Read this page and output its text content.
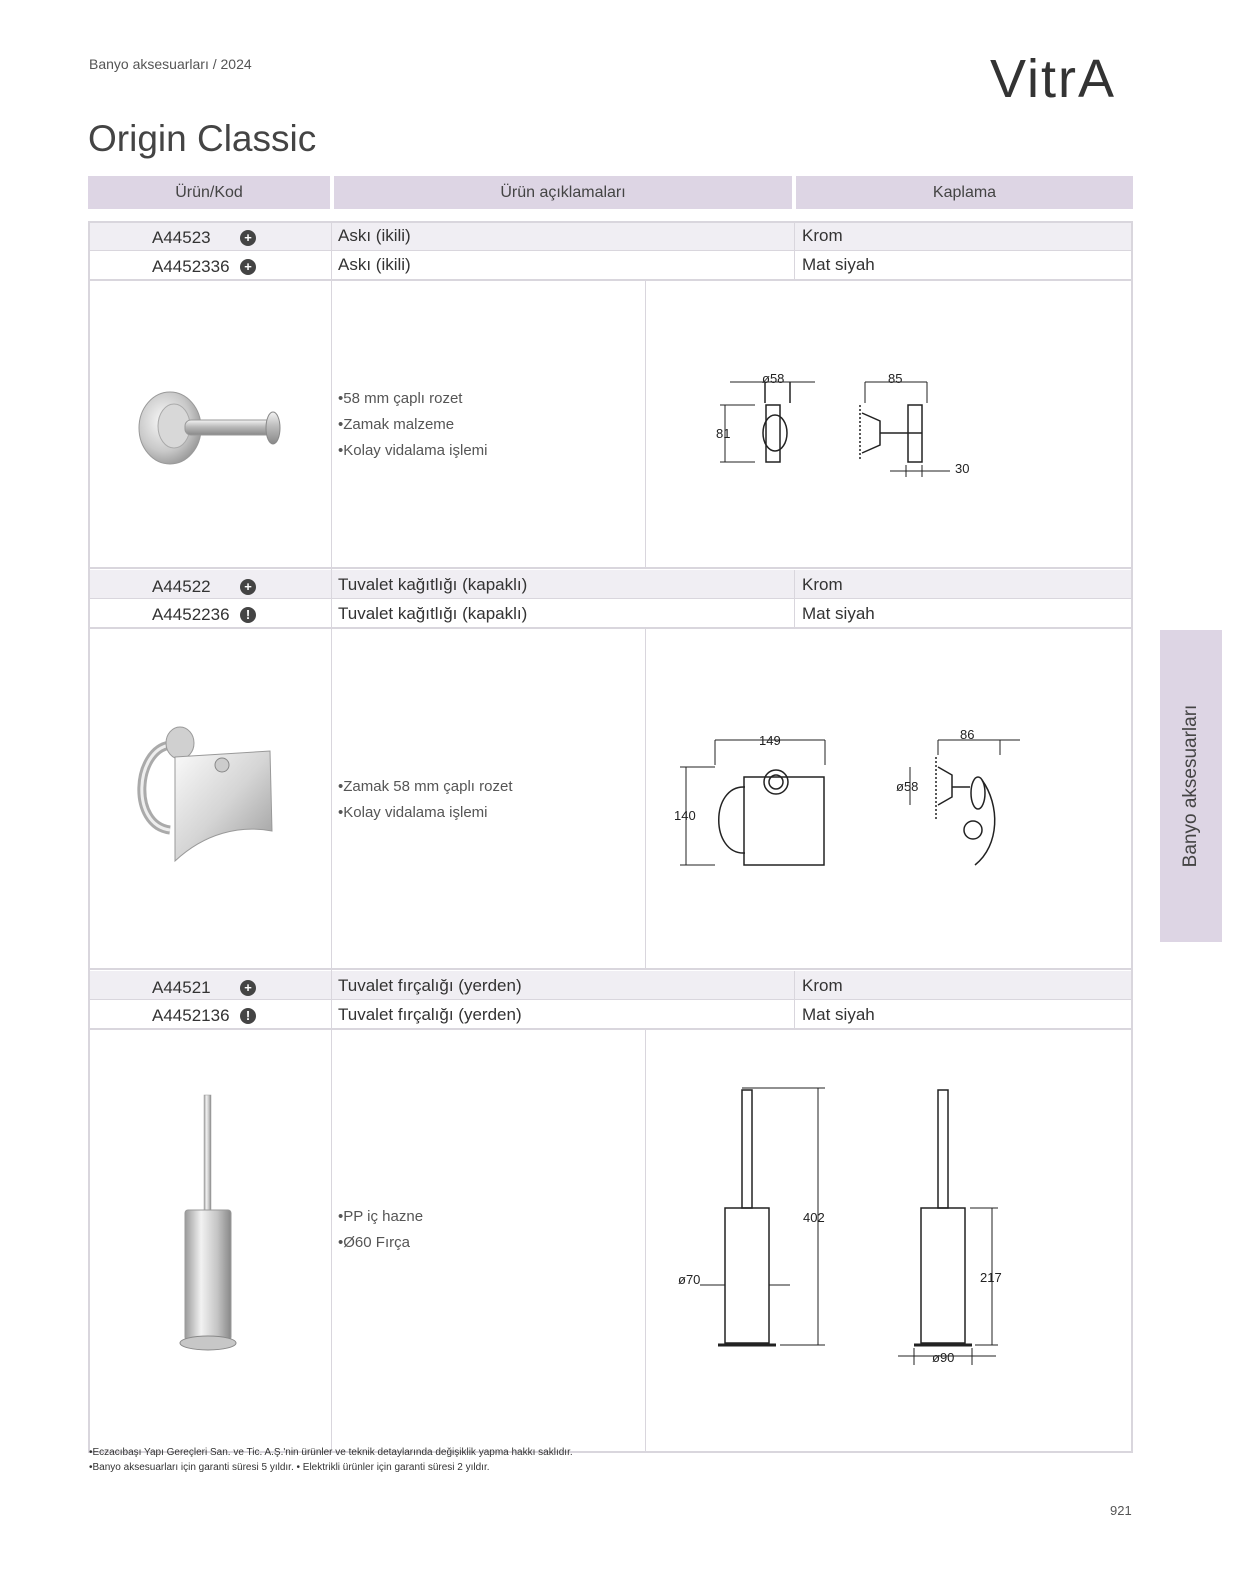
Banyo aksesuarları / 2024	VitrA
Origin Classic
Ürün/Kod	Ürün açıklamaları	Kaplama
A44523	+	Askı (ikili)	Krom
A4452336	+	Askı (ikili)	Mat siyah
• 58 mm çaplı rozet
• Zamak malzeme
• Kolay vidalama işlemi
ø58
81
85
30
A44522	+	Tuvalet kağıtlığı (kapaklı)	Krom
A4452236	!	Tuvalet kağıtlığı (kapaklı)	Mat siyah
• Zamak 58 mm çaplı rozet
• Kolay vidalama işlemi
149
140
86
ø58
A44521	+	Tuvalet fırçalığı (yerden)	Krom
A4452136	!	Tuvalet fırçalığı (yerden)	Mat siyah
• PP iç hazne
• Ø60 Fırça
402
ø70	217
ø90
Banyo aksesuarları
• Eczacıbaşı Yapı Gereçleri San. ve Tic. A.Ş.'nin ürünler ve teknik detaylarında değişiklik yapma hakkı saklıdır.
• Banyo aksesuarları için garanti süresi 5 yıldır. • Elektrikli ürünler için garanti süresi 2 yıldır.
921
